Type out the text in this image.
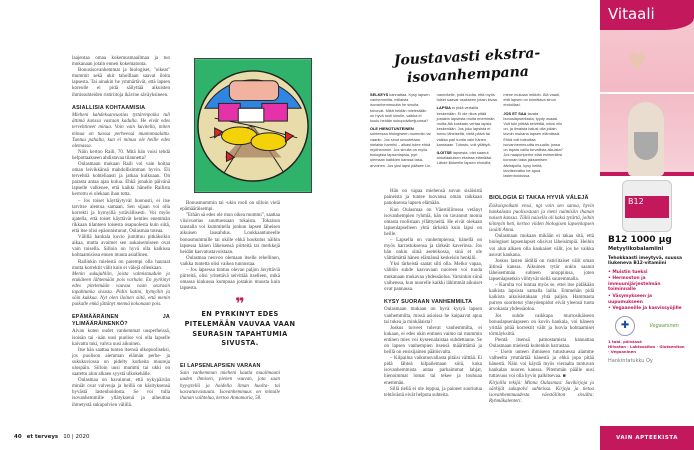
laajentaa omaa kokemusmaailmaa ja tuo mukanaan jotain ennen kokematonta.

Bonusisovanhemmat ja biologiset, "oikeat" mummit sekä ukit tahoillaan saavat iloita lapsesta. Tai ainakin he ymmärtävät, että lapsen koreolle ei pidä säilyttää aikuisten ihmissuhteiden ristiriitoja ikävine säväyksineen.

ASIALLISIA KOHTAAMISIA

Mieheni kahdeksanvuotias tyttärenpoika tuli ättimä kanssa vastaan kadulla. He eivät edes tervehtineet minua. Voin vain kuvitella, miten minua on tuossa perheessä muotomaalattu. Tuntuu pahalta, kun ei minua ole heille edes olemassa.

Näin kertoo Raili, 70. Mitä hän voisi tehdä helpottaakseen ahdistavaa tilannetta?

Oulasmaan mukaan Raili voi vain hoitaa oman leivikkänsä mahdollisimman hyvin. Eli tervehtiä kohteliaasti ja jatkaa kulkuaan. On parasta antaa ajan kulua. Ehkä jonakin päivänä lapselle valkenee, että kaikki hänelle Railista kerrottu ei olekaan ihan totta.

– Jos toiset käyttäytyvät huonosti, ei itse tarvitse alentua samaan. Sen sijaan voi olla korrekti ja hymyillä ystävällisesti. Voi myös ajatella, että toiset käyttävät kenties enemmän rikkaan tilanteen toisesta osapuolesta kuin siitä, että itse olisi epäonnistunut, Oulasmaa toteaa.

Välillä hankala kuvio jumittuu pitkäksikin aikaa, mutta avaimet sen aukaisemiseen ovat vain toisella. Silloin on hyvä olla kaikissa kohtaamisissa ennen muuta asiallinen.

Railinkin mielestä on parempi olla hauraat mutta korrektit välit kuin ei välejä ollenkaan.

Menin sukujuhliin, joista valmistauduin jo etukäteen lähtemään pois varhain. En pyrkinyt edes pitelemään vauvaa vaan seurasin tapahtumia sivusta. Pidin katini, hymyilin ja söin kakkua. Nyt olen iloinen siitä, että menin paikalle enkä jättänyt mennä kokonaan pois.

EPÄMÄÄRÄINEN JA YLIMÄÄRÄINENKÖ?

Aivan kuten uudet vanhemmat uusperheissä, isoisän tai -isän uusi puoliso voi olla lapselle kaivattu tuki, vahva uusi aikuinen.

Itse hän saattaa tuntea itsensä ulkopuoliseksi, jos puolison aiemman elämän perhe- ja sukukuviossa on pidelty korkeita muureja ulospäin. Silloin uusi mummi tai ukki on saatettu alun alkaen syystä ulkokehälle.

Oulasmaa on havainnut, että nykypäivän miniät ovat valveuja ja heillä on käsityksensä hyvästä lastenhoidosta. Se voi tulla isovanhemmille yllätyksenä ja aiheuttaa ihmetystä sukupolvien välillä.

40 et terveys 10 | 2020

Bonusmummin tai -ukin rooli on silloin vielä epämääräisempi.

"Ethän sä edes ole mun oikea mummi", saattaa viisivuotias suuttuessaan tokaista. Tokaisun taustalla voi kummitella jonkun lapsen läheisen aikuisen lausahdus. Loukkaantuneelle bonusmummille tai ukille ehkä houkutus näihin lapsessa hänen läheisensä piirteitä tai merkkejä heidän kasvatustavoistaan.

Oulasmaa neuvoo olemaan itselle rehellinen, vaikka tuntetta olisi vaikea tunnustaa.

– Jos lapsessa tuntuu olevan paljon ärsyttäviä piirteitä, olisi yritettävä selvittää itselleen, mikä omassa kiukussa kumpuaa jostakin muusta kuin lapsesta.

❞
EN PYRKINYT EDES PITELEMÄÄN VAUVAA VAAN SEURASIN TAPAHTUMIA SIVUSTA.
EI LAPSENLAPSIEN VARAAN

Sain vanhemman mieheni kautta maailmaani uuden ihmisen, pienen vauvan, jota saan hyysytellä ja hoidella ilman huolta- tai kasvatusvastuuta. Isovanhemmuus on minulle ihanan vaihtelua, kertoo Annamaria, 58.

Joustavasti ekstra-isovanhempana

SELKEYS kannattaa. Kysy lapsen vanhemmilta, millaista isovanhemmuutta he sinulta toivovat. Mikä heidän mielestään on hyvä rooli sinulle, vaikka ei kuulu heidän sukupolviketjuunsa?

OLE HIENOTUNTEINEN suhteessa biologiseen mummiin tai vaariin. Jos sinut sivuutetaan, nielaise harmisi – aikasi tulee ehkä myöhemmin. Jos sinulla on myös biologisia lapsenlapsia, pyri olemaan kaikkien kanssa tasa-arvoinen. Jos yksi lapsi pääsee Lin-

nanmäelle, pidä huolta, että myös toiset saavat osakseen jotain kivaa.

LAPSIA ei pidä vertailla keskenään. Ei ole rikos pitää jostakin lapsesta muita enemmän, mutta älä koskaan vertaa lapsia keskenään. Jos joku lapsista ei tunnu läheiseltä, vietä päivä tai vaikka pari tuntia vain hänen kanssaan. Tutustu, voit yllättyä.

ILOITSE lapsesta, olet saanut ainutlaatuisen ekstraa elämääsi. Lähde liikkeelle lapsen ehdoilla,

mene mukaan leikkiin. Älä vaadi, että lapsen on toimittava sinun ehdoillasi.

JOS ET SAA tavata bonuslapsenlasta, tyydy osaasi. Voit toki yrittää selvittää, miksi niin on, ja ilmaista halusi olla jollain tavoin mukana lapsen elämässä. Ehkä voit toteuttaa isovanhemmuutta muualla, jossa on lapsia vailla turvallista aikuista? Jos naapuriperhe elää esimerkiksi koronan takia jaksamisen äärirajoilla, kysy heiltä, tarvitsevatko he apua lastenhoidossa.

Hän on vapaa miehensä suvun sisäisistä paineista ja tuntee tuovansa oman raikkaan panoksensa lapsen elämään.

Kun Oulasmaa on Väestöliitossa vetänyt isovanhempien ryhmiä, hän on tavannut monia omasta roolistaan yllättyneitä. He eivät olekaan lapsenlapselleen yhtä tärkeitä kuin lapsi on heille.

– Lapsella on vanhempiensa, hänellä on myös harrastuksensa ja tärkeät kaverinsa. Jos hän onkin siinä aseteikossa, sinä et ole välttämättä hänen elämänsä keskeisin henkilö.

Yksi tärkeistä saatat silti olla. Melko vapaa, välitön suhde kasvavaan nuoreen voi tuoda mukanaan mukavaa yhdessäoloa. Varsinkin siinä vaiheessa, kun nuorelle kaikki lähimmät aikuiset ovat pannassa.

KYSY SUORAAN VANHEMMILTA

Oulasmaan mukaan on hyvä kysyä lapsen vanhemmilta, missä asioissa he kaipaavat apua tai tukea ja minkälaista?

Joskus toiveet tulevat vanhemmilta, ei kukaan, ei edes ukin entinen vaimo tai mummin entinen mies voi kyseenalaistaa suhdettanne. Se on lapsen vanhempien itsensä määrittämä ja heillä on ensisijainen päätösvalta.

– Kilpailua vaikutusvallasta pitäisi välttää. Ei pidä lähteä kilpailemaan siitä, kuka isovanhemmista antaa parhaimmat lahjat, hienoimmat lomat tai tekee ja touhuaa enemmän.

Sillä tiellä ei ole loppua, ja paineet suoriutua tehtävästä eivät helpota suhteita.

BIOLOGIA EI TAKAA HYVIÄ VÄLEJÄ

Esikoispoikani erosi, ngi voin sen sanoa, hyvin hankalasta puolisostaan ja meni naimisiin ihanan naisen kanssa. Tällä naisella oli kaksi tytärtä, joihin kiinnyin heti, kertoo viiden biologisen lapsenlapsen isoäiti Anna.

Oulasmaan mukaan mikään ei takaa sitä, että biologiset lapsenlapset olisivat läheisimpiä. Heihin voi alun alkaen olla kaukaiset välit, jos he vaikka asuvat kaukana.

Joskus lasten äidillä on ristiriitaiset välit oman äitinsä kanssa. Aikuinen tytär onkin saanut läheisemmän suhteen anoppiinsa, joten lapsenlapsetkin viihtyvät siellä suuremmalla.

– Karulta voi tuntua myös se, ettei itse pidäkään kaikista lapsista samalla lailla. Emmehän pidä kaikista aikuisistakaan yhtä paljon. Hammasta purren suoritetut yhteydenpidot eivät yleensä tuota arvokasta yhdessäoloa.

Jos suhde vaikkapa murrosikäiseen bonuslapsenlapseen on kovin hankala, voi häneen yrittää pitää korrektit välit ja luovia kohtaamiset törmäyksittä.

Pientä itsensä patnostamista kannattaa Oulasmaan mielestä kuitenkin harrastaa.

– Usein uuteen ihmiseen tutustuessa alamme valheelta ymmärtää hänestä ja ehkä jopa pitää hänestä. Näin voi käydä myös vieraalta tuntuvan hankalan nuoren kanssa. Pitemmän päälle uusi tuttavuus voi olla hyvin palkitsevaa. ■

Kirjoilla tekijä: Minna Oulasmaa: Suvikirjoja ja särkijät sukupolvi suhteissa. Kirjoja ja tietoa isovanhemmuudesta väestöliiton sivuilta: Ryhmäkalenteri.

Vitaali
♥
B12
B12 1000 µg
Metyylikobalamiini
Tehokkaasti imeytyvä, suussa liukeneva B12-vitamiini
• Muistin tueksi
• Hermoston ja immuunijärjestelmän toiminnalle
• Väsymykseen ja uupumukseen
• Vegaaneille ja kasvissyöjille
✚	Vegaaninen
1 tabl. päivässä
Hiivaton · Laktoositon · Gluteeniton · Vegaaninen
Hankintatukku Oy
VAIN APTEEKISTA
